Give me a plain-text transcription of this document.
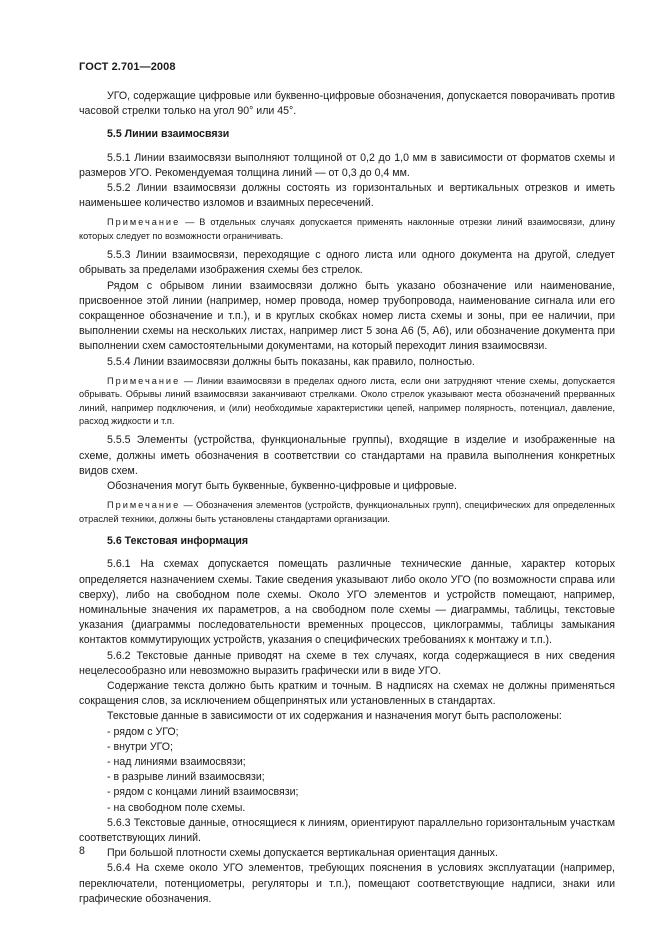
ГОСТ 2.701—2008

УГО, содержащие цифровые или буквенно-цифровые обозначения, допускается поворачивать против часовой стрелки только на угол 90° или 45°.

5.5 Линии взаимосвязи

5.5.1 Линии взаимосвязи выполняют толщиной от 0,2 до 1,0 мм в зависимости от форматов схемы и размеров УГО. Рекомендуемая толщина линий — от 0,3 до 0,4 мм.

5.5.2 Линии взаимосвязи должны состоять из горизонтальных и вертикальных отрезков и иметь наименьшее количество изломов и взаимных пересечений.

Примечание — В отдельных случаях допускается применять наклонные отрезки линий взаимосвязи, длину которых следует по возможности ограничивать.

5.5.3 Линии взаимосвязи, переходящие с одного листа или одного документа на другой, следует обрывать за пределами изображения схемы без стрелок.

Рядом с обрывом линии взаимосвязи должно быть указано обозначение или наименование, присвоенное этой линии (например, номер провода, номер трубопровода, наименование сигнала или его сокращенное обозначение и т.п.), и в круглых скобках номер листа схемы и зоны, при ее наличии, при выполнении схемы на нескольких листах, например лист 5 зона А6 (5, А6), или обозначение документа при выполнении схем самостоятельными документами, на который переходит линия взаимосвязи.

5.5.4 Линии взаимосвязи должны быть показаны, как правило, полностью.

Примечание — Линии взаимосвязи в пределах одного листа, если они затрудняют чтение схемы, допускается обрывать. Обрывы линий взаимосвязи заканчивают стрелками. Около стрелок указывают места обозначений прерванных линий, например подключения, и (или) необходимые характеристики цепей, например полярность, потенциал, давление, расход жидкости и т.п.

5.5.5 Элементы (устройства, функциональные группы), входящие в изделие и изображенные на схеме, должны иметь обозначения в соответствии со стандартами на правила выполнения конкретных видов схем.

Обозначения могут быть буквенные, буквенно-цифровые и цифровые.

Примечание — Обозначения элементов (устройств, функциональных групп), специфических для определенных отраслей техники, должны быть установлены стандартами организации.

5.6 Текстовая информация

5.6.1 На схемах допускается помещать различные технические данные, характер которых определяется назначением схемы. Такие сведения указывают либо около УГО (по возможности справа или сверху), либо на свободном поле схемы. Около УГО элементов и устройств помещают, например, номинальные значения их параметров, а на свободном поле схемы — диаграммы, таблицы, текстовые указания (диаграммы последовательности временных процессов, циклограммы, таблицы замыкания контактов коммутирующих устройств, указания о специфических требованиях к монтажу и т.п.).

5.6.2 Текстовые данные приводят на схеме в тех случаях, когда содержащиеся в них сведения нецелесообразно или невозможно выразить графически или в виде УГО.

Содержание текста должно быть кратким и точным. В надписях на схемах не должны применяться сокращения слов, за исключением общепринятых или установленных в стандартах.

Текстовые данные в зависимости от их содержания и назначения могут быть расположены:

- рядом с УГО;
- внутри УГО;
- над линиями взаимосвязи;
- в разрыве линий взаимосвязи;
- рядом с концами линий взаимосвязи;
- на свободном поле схемы.

5.6.3 Текстовые данные, относящиеся к линиям, ориентируют параллельно горизонтальным участкам соответствующих линий.

При большой плотности схемы допускается вертикальная ориентация данных.

5.6.4 На схеме около УГО элементов, требующих пояснения в условиях эксплуатации (например, переключатели, потенциометры, регуляторы и т.п.), помещают соответствующие надписи, знаки или графические обозначения.

8
